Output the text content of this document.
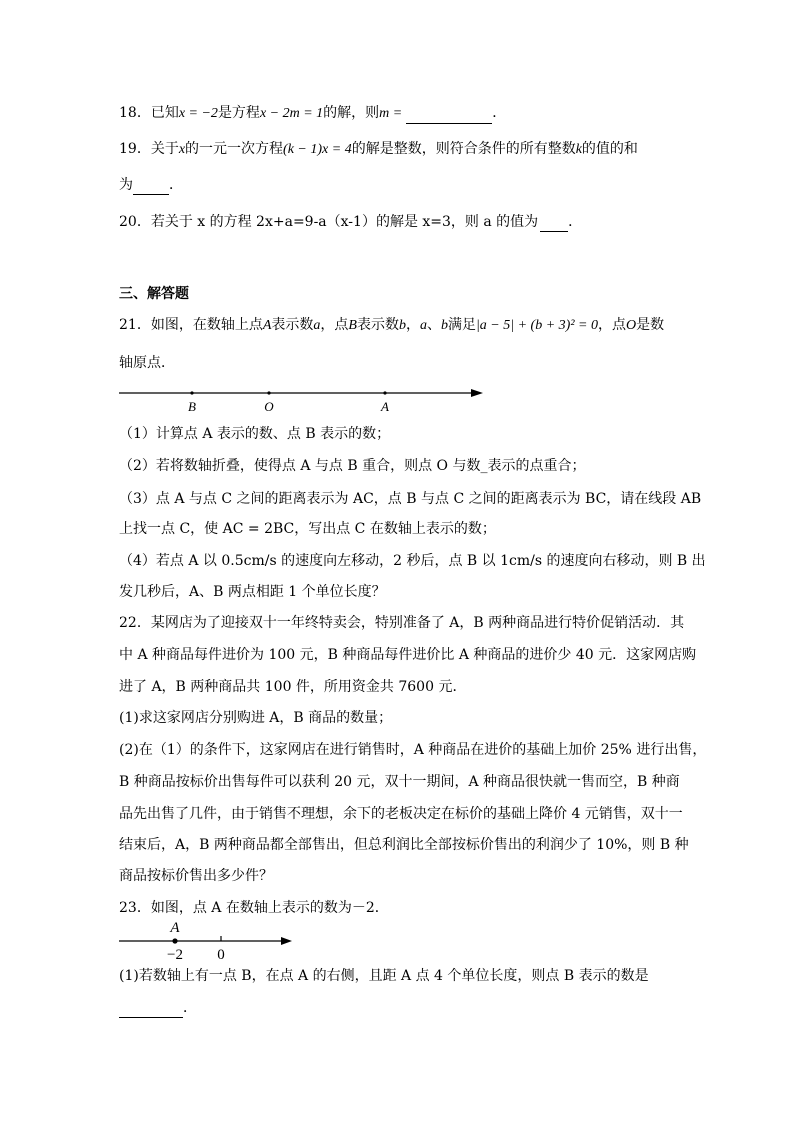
18．已知x = −2是方程x − 2m = 1的解，则m =	．
19．关于x的一元一次方程(k − 1)x = 4的解是整数，则符合条件的所有整数k的值的和
为	．
20．若关于 x 的方程 2x+a=9-a（x-1）的解是 x=3，则 a 的值为 ．
三、解答题
21．如图，在数轴上点A表示数a，点B表示数b，a、b满足|a − 5| + (b + 3)² = 0，点O是数
轴原点．
B	O	A
（1）计算点 A 表示的数、点 B 表示的数；
（2）若将数轴折叠，使得点 A 与点 B 重合，则点 O 与数_表示的点重合；
（3）点 A 与点 C 之间的距离表示为 AC，点 B 与点 C 之间的距离表示为 BC，请在线段 AB
上找一点 C，使 AC = 2BC，写出点 C 在数轴上表示的数；
（4）若点 A 以 0.5cm/s 的速度向左移动，2 秒后，点 B 以 1cm/s 的速度向右移动，则 B 出
发几秒后，A、B 两点相距 1 个单位长度？
22．某网店为了迎接双十一年终特卖会，特别准备了 A，B 两种商品进行特价促销活动．其
中 A 种商品每件进价为 100 元，B 种商品每件进价比 A 种商品的进价少 40 元．这家网店购
进了 A，B 两种商品共 100 件，所用资金共 7600 元．
(1)求这家网店分别购进 A，B 商品的数量；
(2)在（1）的条件下，这家网店在进行销售时，A 种商品在进价的基础上加价 25% 进行出售，
B 种商品按标价出售每件可以获利 20 元，双十一期间，A 种商品很快就一售而空，B 种商
品先出售了几件，由于销售不理想，余下的老板决定在标价的基础上降价 4 元销售，双十一
结束后，A，B 两种商品都全部售出，但总利润比全部按标价售出的利润少了 10%，则 B 种
商品按标价售出多少件？
23．如图，点 A 在数轴上表示的数为－2．
A
−2 0
(1)若数轴上有一点 B，在点 A 的右侧，且距 A 点 4 个单位长度，则点 B 表示的数是
．
